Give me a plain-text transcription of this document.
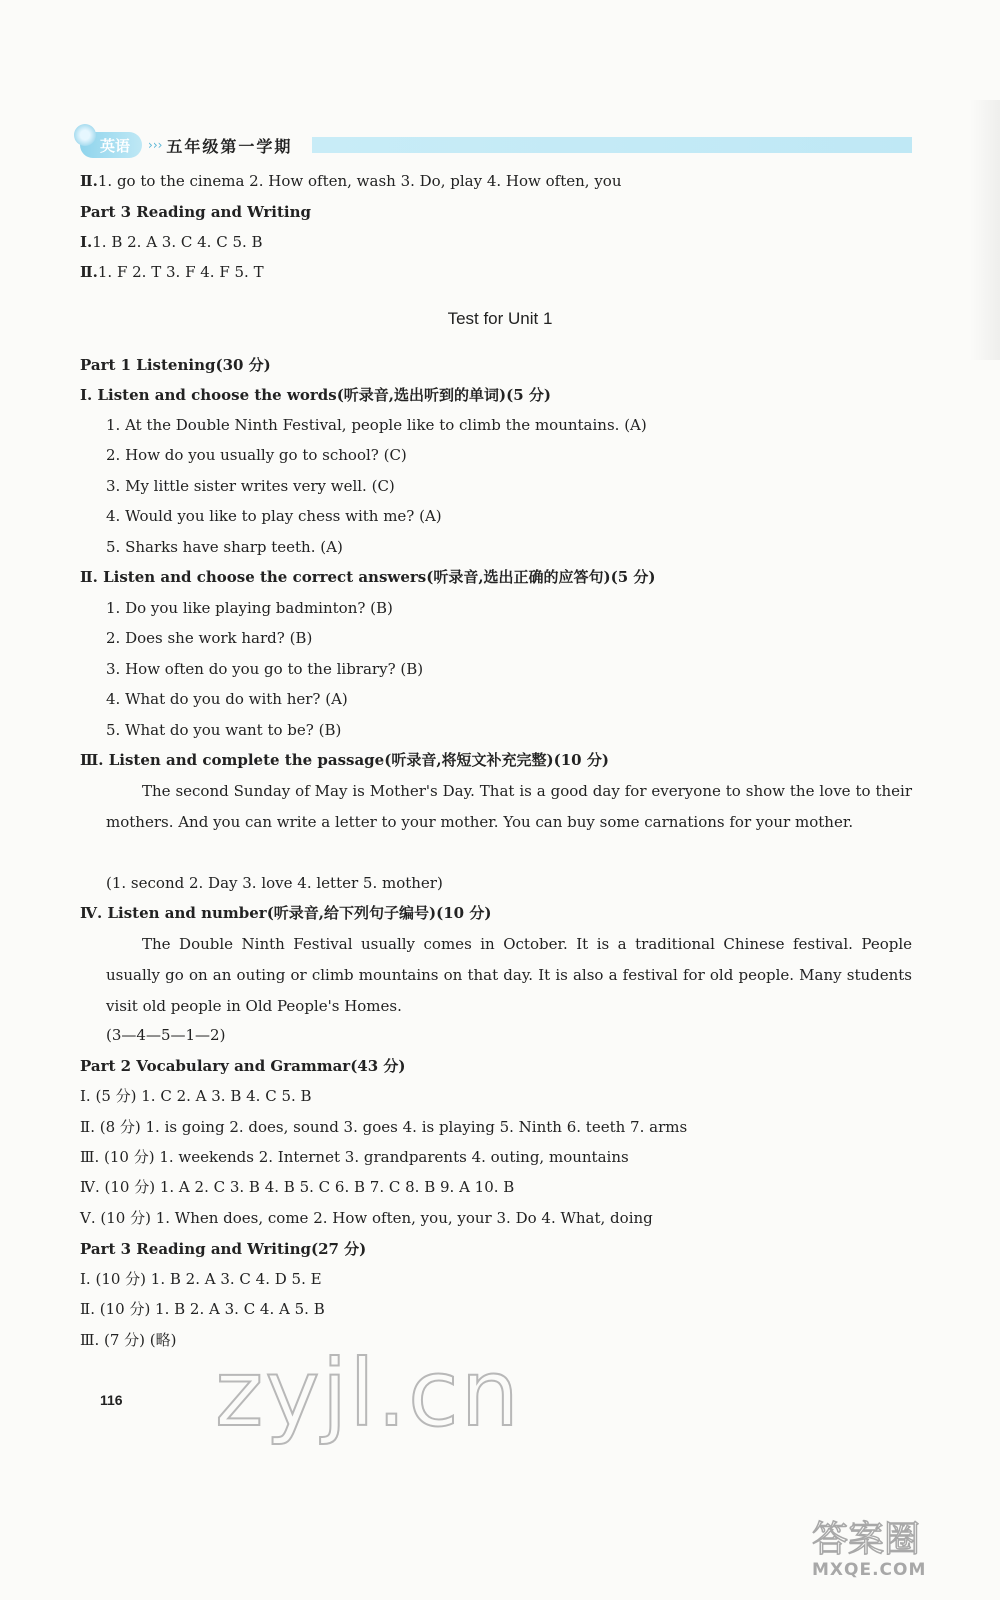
英语 ››› 五年级第一学期
Ⅱ.1. go to the cinema 2. How often, wash 3. Do, play 4. How often, you
Part 3 Reading and Writing
Ⅰ.1. B 2. A 3. C 4. C 5. B
Ⅱ.1. F 2. T 3. F 4. F 5. T
Test for Unit 1
Part 1 Listening(30 分)
Ⅰ. Listen and choose the words(听录音,选出听到的单词)(5 分)
1. At the Double Ninth Festival, people like to climb the mountains. (A)
2. How do you usually go to school? (C)
3. My little sister writes very well. (C)
4. Would you like to play chess with me? (A)
5. Sharks have sharp teeth. (A)
Ⅱ. Listen and choose the correct answers(听录音,选出正确的应答句)(5 分)
1. Do you like playing badminton? (B)
2. Does she work hard? (B)
3. How often do you go to the library? (B)
4. What do you do with her? (A)
5. What do you want to be? (B)
Ⅲ. Listen and complete the passage(听录音,将短文补充完整)(10 分)
The second Sunday of May is Mother's Day. That is a good day for everyone to show the love to their mothers. And you can write a letter to your mother. You can buy some carnations for your mother.
(1. second 2. Day 3. love 4. letter 5. mother)
Ⅳ. Listen and number(听录音,给下列句子编号)(10 分)
The Double Ninth Festival usually comes in October. It is a traditional Chinese festival. People usually go on an outing or climb mountains on that day. It is also a festival for old people. Many students visit old people in Old People's Homes.
(3—4—5—1—2)
Part 2 Vocabulary and Grammar(43 分)
Ⅰ. (5 分) 1. C 2. A 3. B 4. C 5. B
Ⅱ. (8 分) 1. is going 2. does, sound 3. goes 4. is playing 5. Ninth 6. teeth 7. arms
Ⅲ. (10 分) 1. weekends 2. Internet 3. grandparents 4. outing, mountains
Ⅳ. (10 分) 1. A 2. C 3. B 4. B 5. C 6. B 7. C 8. B 9. A 10. B
Ⅴ. (10 分) 1. When does, come 2. How often, you, your 3. Do 4. What, doing
Part 3 Reading and Writing(27 分)
Ⅰ. (10 分) 1. B 2. A 3. C 4. D 5. E
Ⅱ. (10 分) 1. B 2. A 3. C 4. A 5. B
Ⅲ. (7 分) (略) zyjl.cn
116
答案圈
MXQE.COM
